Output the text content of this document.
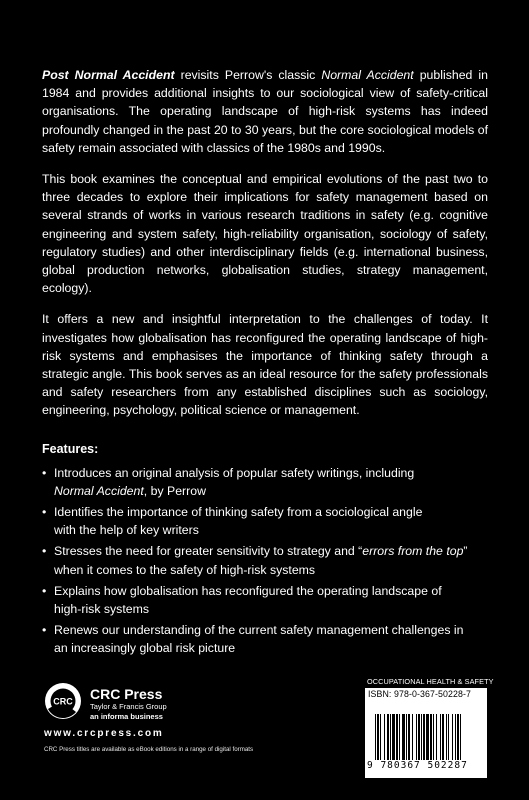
Post Normal Accident revisits Perrow's classic Normal Accident published in 1984 and provides additional insights to our sociological view of safety-critical organisations. The operating landscape of high-risk systems has indeed profoundly changed in the past 20 to 30 years, but the core sociological models of safety remain associated with classics of the 1980s and 1990s.

This book examines the conceptual and empirical evolutions of the past two to three decades to explore their implications for safety management based on several strands of works in various research traditions in safety (e.g. cognitive engineering and system safety, high-reliability organisation, sociology of safety, regulatory studies) and other interdisciplinary fields (e.g. international business, global production networks, globalisation studies, strategy management, ecology).

It offers a new and insightful interpretation to the challenges of today. It investigates how globalisation has reconfigured the operating landscape of high-risk systems and emphasises the importance of thinking safety through a strategic angle. This book serves as an ideal resource for the safety professionals and safety researchers from any established disciplines such as sociology, engineering, psychology, political science or management.

Features:
• Introduces an original analysis of popular safety writings, including
Normal Accident, by Perrow
• Identifies the importance of thinking safety from a sociological angle
with the help of key writers
• Stresses the need for greater sensitivity to strategy and “errors from the top”
when it comes to the safety of high-risk systems
• Explains how globalisation has reconfigured the operating landscape of
high-risk systems
• Renews our understanding of the current safety management challenges in
an increasingly global risk picture
CRC CRC Press
Taylor & Francis Group
an informa business
www.crcpress.com
CRC Press titles are available as eBook editions in a range of digital formats
OCCUPATIONAL HEALTH & SAFETY
ISBN: 978-0-367-50228-7
9 780367 502287
